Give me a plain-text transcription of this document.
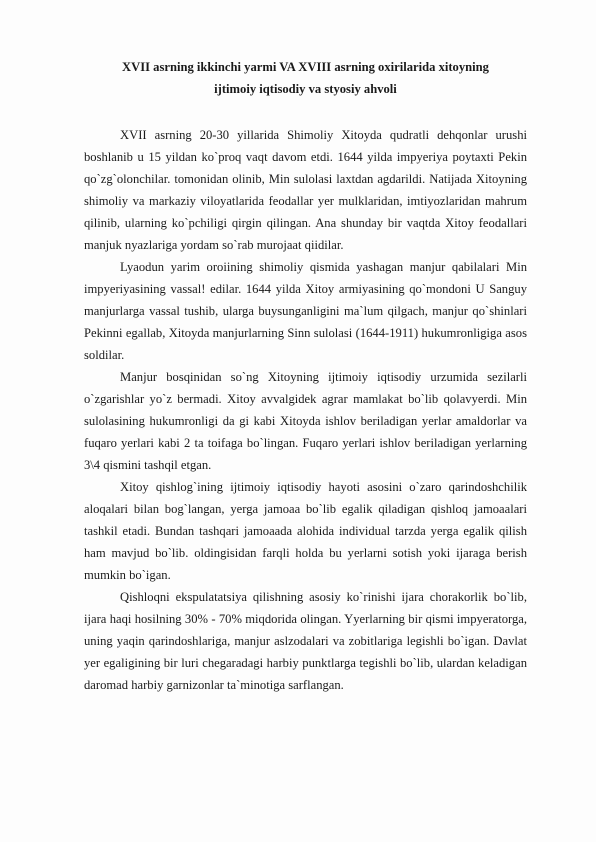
XVII asrning ikkinchi yarmi VA XVIII asrning oxirilarida xitoyning
ijtimoiy iqtisodiy va styosiy ahvoli

XVII asrning 20-30 yillarida Shimoliy Xitoyda qudratli dehqonlar urushi boshlanib u 15 yildan ko`proq vaqt davom etdi. 1644 yilda impyeriya poytaxti Pekin qo`zg`olonchilar. tomonidan olinib, Min sulolasi laxtdan agdarildi. Natijada Xitoyning shimoliy va markaziy viloyatlarida feodallar yer mulklaridan, imtiyozlaridan mahrum qilinib, ularning ko`pchiligi qirgin qilingan. Ana shunday bir vaqtda Xitoy feodallari manjuk nyazlariga yordam so`rab murojaat qiidilar.

Lyaodun yarim oroiining shimoliy qismida yashagan manjur qabilalari Min impyeriyasining vassal! edilar. 1644 yilda Xitoy armiyasining qo`mondoni U Sanguy manjurlarga vassal tushib, ularga buysunganligini ma`lum qilgach, manjur qo`shinlari Pekinni egallab, Xitoyda manjurlarning Sinn sulolasi (1644-1911) hukumronligiga asos soldilar.

Manjur bosqinidan so`ng Xitoyning ijtimoiy iqtisodiy urzumida sezilarli o`zgarishlar yo`z bermadi. Xitoy avvalgidek agrar mamlakat bo`lib qolavyerdi. Min sulolasining hukumronligi da gi kabi Xitoyda ishlov beriladigan yerlar amaldorlar va fuqaro yerlari kabi 2 ta toifaga bo`lingan. Fuqaro yerlari ishlov beriladigan yerlarning 3\4 qismini tashqil etgan.

Xitoy qishlog`ining ijtimoiy iqtisodiy hayoti asosini o`zaro qarindoshchilik aloqalari bilan bog`langan, yerga jamoaa bo`lib egalik qiladigan qishloq jamoaalari tashkil etadi. Bundan tashqari jamoaada alohida individual tarzda yerga egalik qilish ham mavjud bo`lib. oldingisidan farqli holda bu yerlarni sotish yoki ijaraga berish mumkin bo`igan.

Qishloqni ekspulatatsiya qilishning asosiy ko`rinishi ijara chorakorlik bo`lib, ijara haqi hosilning 30% - 70% miqdorida olingan. Yyerlarning bir qismi impyeratorga, uning yaqin qarindoshlariga, manjur aslzodalari va zobitlariga legishli bo`igan. Davlat yer egaligining bir luri chegaradagi harbiy punktlarga tegishli bo`lib, ulardan keladigan daromad harbiy garnizonlar ta`minotiga sarflangan.
